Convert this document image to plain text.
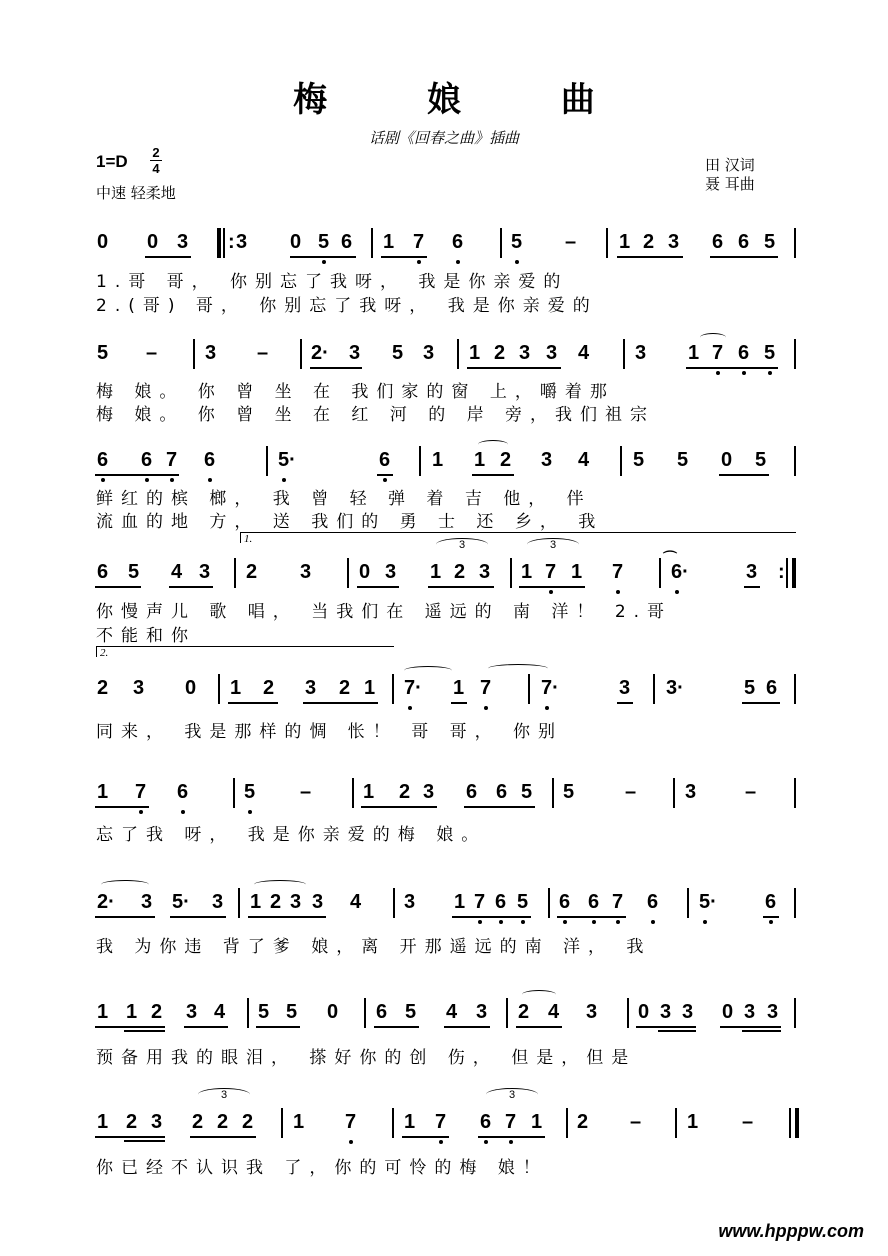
梅 娘 曲
话剧《回春之曲》插曲
1=D 2
4
中速 轻柔地
田 汉词
聂 耳曲
0 0 3 : 3 0 5 6 1 7 6 5 – 1 2 3 6 6 5
1.哥 哥， 你别忘了我呀， 我是你亲爱的
2.(哥) 哥， 你别忘了我呀， 我是你亲爱的
5 – 3 – 2· 3 5 3 1 2 3 3 4 3 1 7 6 5
梅 娘。 你 曾 坐 在 我们家的窗 上，嚼着那
梅 娘。 你 曾 坐 在 红 河 的 岸 旁，我们祖宗
6 6 7 6	5·	6 1 1 2 3 4 5 5 0 5
鲜红的槟 榔， 我 曾 轻 弹 着 吉 他， 伴
流血的地 方， 送 我们的 勇 士 还 乡， 我
1.
6 5 4 3 2 3 0 3 1 2 3
3
1 7 1
3
7
⌒
6·	3 :
你慢声儿 歌 唱， 当我们在 遥远的 南 洋！ 2.哥
不能和你
2.
2 3 0 1 2 3 2 1 7· 1 7 7·	3 3·	5 6
同来， 我是那样的惆 怅！ 哥 哥， 你别
1 7 6	5 –	1 2 3 6 6 5 5	– 3 –
忘了我 呀， 我是你亲爱的梅 娘。
2· 3 5· 3 1 2 3 3 4 3 1 7 6 5 6 6 7 6 5· 6
我 为你违 背了爹 娘，离 开那遥远的南 洋， 我
1 1 2 3 4 5 5 0 6 5 4 3 2 4 3 0 3 3 0 3 3
预备用我的眼泪， 搽好你的创 伤， 但是，但是
1 2 3 2 2 2
3
1 7 1 7 6 7 1
3
2 – 1 –
你已经不认识我 了，你的可怜的梅 娘！
www.hpppw.com
